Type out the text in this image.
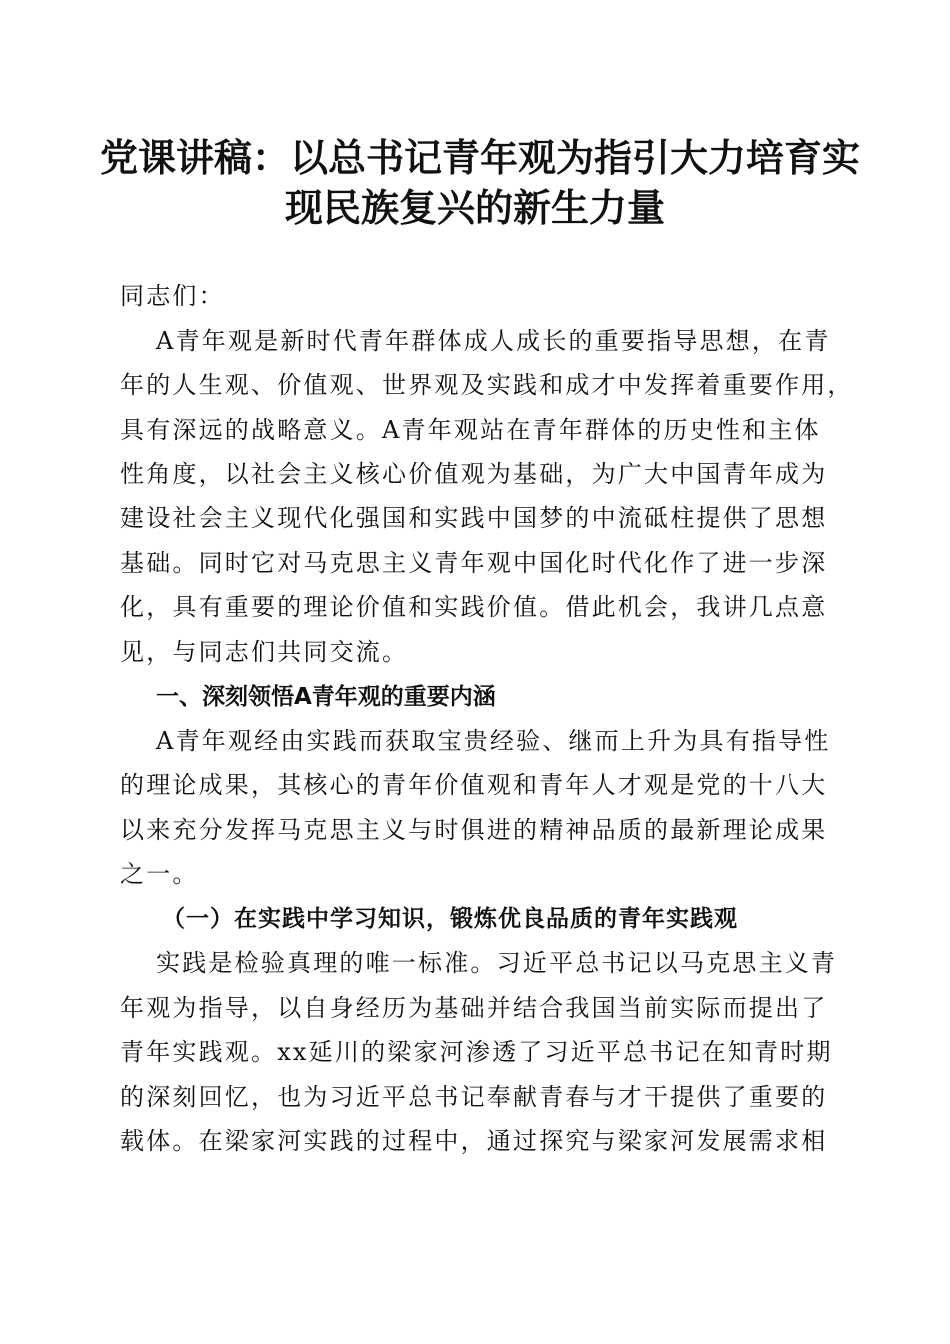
党课讲稿：以总书记青年观为指引大力培育实
现民族复兴的新生力量

同志们：

A青年观是新时代青年群体成人成长的重要指导思想，在青

年的人生观、价值观、世界观及实践和成才中发挥着重要作用，

具有深远的战略意义。A青年观站在青年群体的历史性和主体

性角度，以社会主义核心价值观为基础，为广大中国青年成为

建设社会主义现代化强国和实践中国梦的中流砥柱提供了思想

基础。同时它对马克思主义青年观中国化时代化作了进一步深

化，具有重要的理论价值和实践价值。借此机会，我讲几点意

见，与同志们共同交流。

一、深刻领悟A青年观的重要内涵

A青年观经由实践而获取宝贵经验、继而上升为具有指导性

的理论成果，其核心的青年价值观和青年人才观是党的十八大

以来充分发挥马克思主义与时俱进的精神品质的最新理论成果

之一。

（一）在实践中学习知识，锻炼优良品质的青年实践观

实践是检验真理的唯一标准。习近平总书记以马克思主义青

年观为指导，以自身经历为基础并结合我国当前实际而提出了

青年实践观。xx延川的梁家河渗透了习近平总书记在知青时期

的深刻回忆，也为习近平总书记奉献青春与才干提供了重要的

载体。在梁家河实践的过程中，通过探究与梁家河发展需求相
